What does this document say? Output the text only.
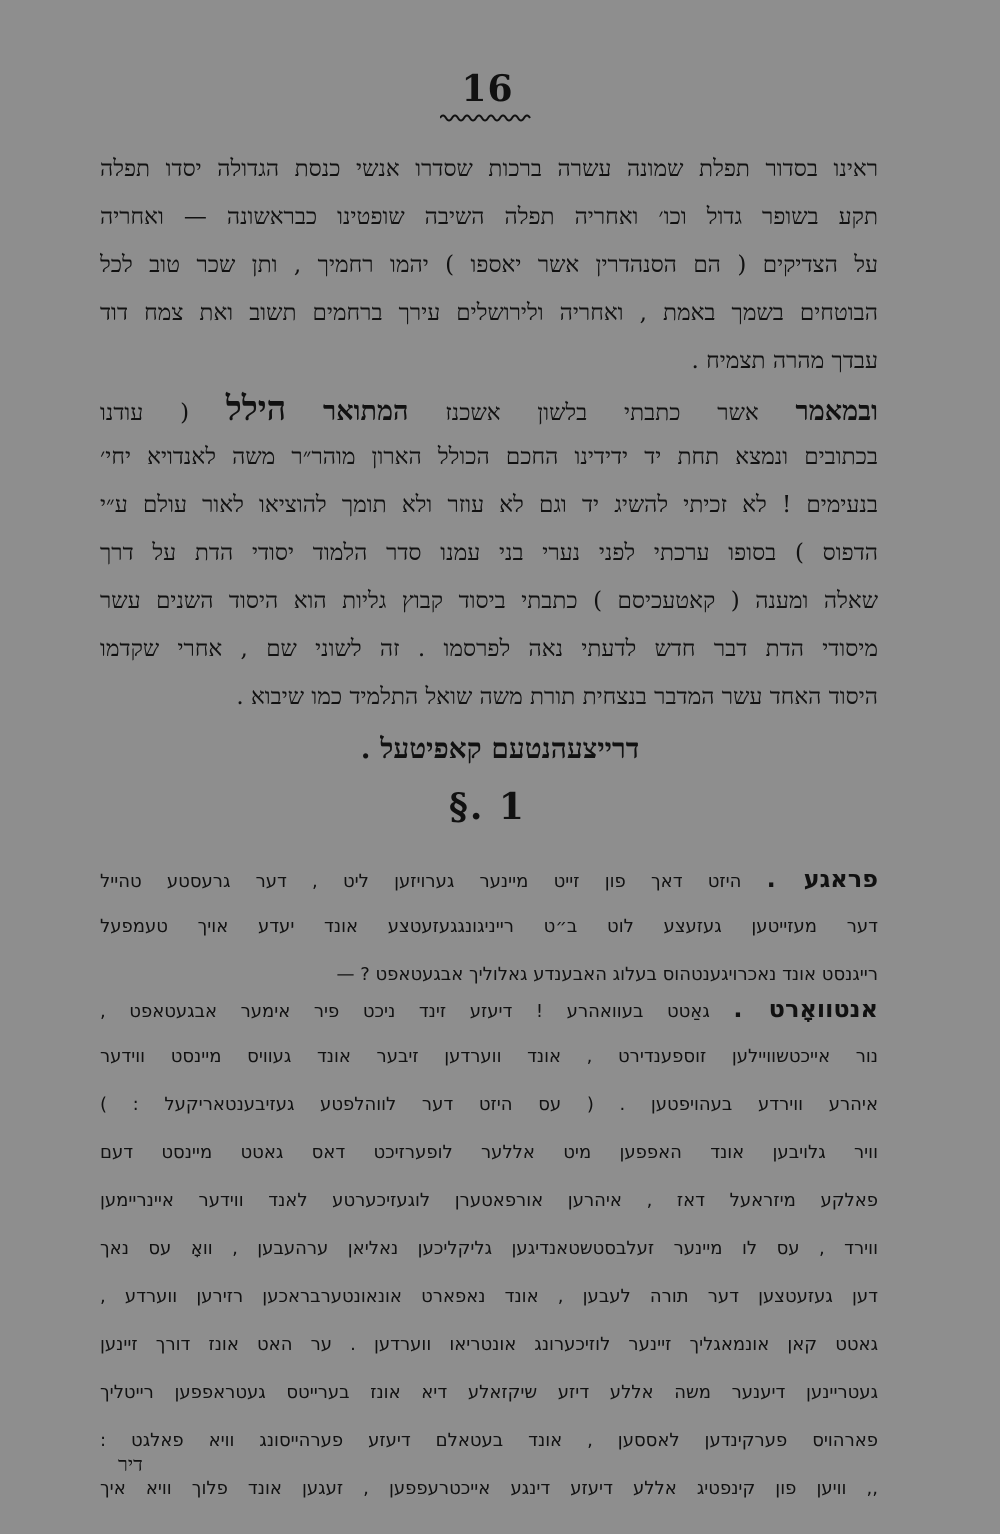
16
ראינו בסדור תפלת שמונה עשרה ברכות שסדרו אנשי כנסת הגדולה יסדו תפלה
תקע בשופר גדול וכו׳ ואחריה תפלה השיבה שופטינו כבראשונה — ואחריה
על הצדיקים ( הם הסנהדרין אשר יאספו ) יהמו רחמיך , ותן שכר טוב לכל
הבוטחים בשמך באמת , ואחריה ולירושלים עירך ברחמים תשוב ואת צמח דוד
עבדך מהרה תצמיח .
ובמאמר אשר כתבתי בלשון אשכנז המתואר הילל ( עודנו
בכתובים ונמצא תחת יד ידידינו החכם הכולל הארון מוהר״ר משה לאנדויא יחי׳
בנעימים ! לא זכיתי להשיג יד וגם לא עוזר ולא תומך להוציאו לאור עולם ע״י
הדפוס ) בסופו ערכתי לפני נערי בני עמנו סדר הלמוד יסודי הדת על דרך
שאלה ומענה ( קאטעכיסם ) כתבתי ביסוד קבוץ גליות הוא היסוד השנים עשר
מיסודי הדת דבר חדש לדעתי נאה לפרסמו . זה לשוני שם , אחרי שקדמו
היסוד האחד עשר המדבר בנצחית תורת משה שואל התלמיד כמו שיבוא .
דרייצעהנטעם קאפיטעל .
§. 1
פראגע . היזט דאך פון זייט מיינער גערויזען ליט , דער גרעסטע טהייל
דער מעזייטען געזעצע לוט ב״ט רייניגונגגעזעטצע אונד יעדע אויך טעמפעל
רייגנסט אונד נאכרויגענטהוס בעלוג האבענדע גאלוליך אבגעטאפט ? —
אנטוואָרט . גאַטט בעוואהרע ! דיעזע זינד ניכט פיר אימער אבגעטאפט ,
נור אייכטשוויילען זוספענדירט , אונד ווערדען זיבער אונד געוויס מיינסט ווידער
איהרע ווירדע בעהויפטען . ( עס היזט דער לווהלפטע געזיבענטאריקעל : )
וויר גלויבען אונד האפפען מיט אללער לופערזיכט דאס גאטט מיינסט דעם
פאלקע מיזראעל דאז , איהרען אורפאטערן לוגעזיכערטע לאנד ווידער איינריימען
ווירד , עס לו מיינער זעלבסטשטאנדיגען גליקליכען נאליאן ערהעבען , וואָ עס נאך
דען געזעטצען דער תורה לעבען , אונד נאפארט אונאונטערבראכען רזירען ווערדע ,
גאטט קאן אונמאגליך זיינער לוזיכערונג אונטריאו ווערדען . ער האט אונז דורך זיינען
געטריינען דיענער משה אללע דיזע שיקזאלע דיא אונז בערייטס געטראפפען רייטליך
פארהויס פערקינדען לאססען , אונד בעטאלם דיעזע פערהייסונג וויא פאלגט :
,, וויען פון קינפטיג אללע דיעזע דינגע אייכטרעפפען , זעגען אונד פלוך וויא איך
דיר
